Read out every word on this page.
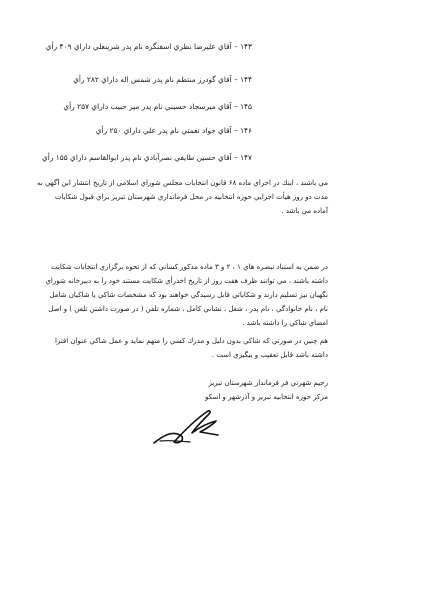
۱۴۳ – آقاي عليرضا نظري اسفنگره نام پدر شرينعلي داراي ۴۰۹ رأي

۱۴۴ – آقاي گودرز منتظم نام پدر شمس اله داراي ۲۸۲ رأي

۱۴۵ – آقاي ميرسجاد حسيني نام پدر مير حبيب داراي ۲۵۷ رأي

۱۴۶ – آقاي جواد نعمتي نام پدر علي داراي ۲۵۰ رأي

۱۴۷ – آقاي حسين طايفي نصرآبادي نام پدر ابوالقاسم داراي ۱۵۵ رأي

مي باشند ، اينك در اجراي ماده ۶۸ قانون انتخابات مجلس شوراي اسلامي از تاريخ انتشار اين آگهي به
مدت دو روز هيأت اجرايي حوزه انتخابيه در محل فرمانداري شهرستان تبريز براي قبول شكايات
آماده مي باشد .
در ضمن به استناد تبصره هاي ۱ ، ۲ و ۳ ماده مذكور كساني كه از نحوه برگزاري انتخابات شكايت
داشته باشند ، مي توانند ظرف هفت روز از تاريخ اخذرأي شكايت مستند خود را به دبيرخانه شوراي
نگهبان نيز تسليم دارند و شكاياتي قابل رسيدگي خواهند بود كه مشخصات شاكي يا شاكيان شامل
نام ، نام خانوادگي ، نام پدر ، شغل ، نشاني كامل ، شماره تلفن ( در صورت داشتن تلفن ) و اصل
امضاي شاكي را داشته باشد .
هم چنين در صورتي كه شاكي بدون دليل و مدرك كسي را متهم نمايد و عمل شاكي عنوان افترا
داشته باشد قابل تعقيب و پيگيري است .
رحيم شهرتي فر فرماندار شهرستان تبريز
مركز حوزه انتخابيه تبريز و آذرشهر و اسكو
